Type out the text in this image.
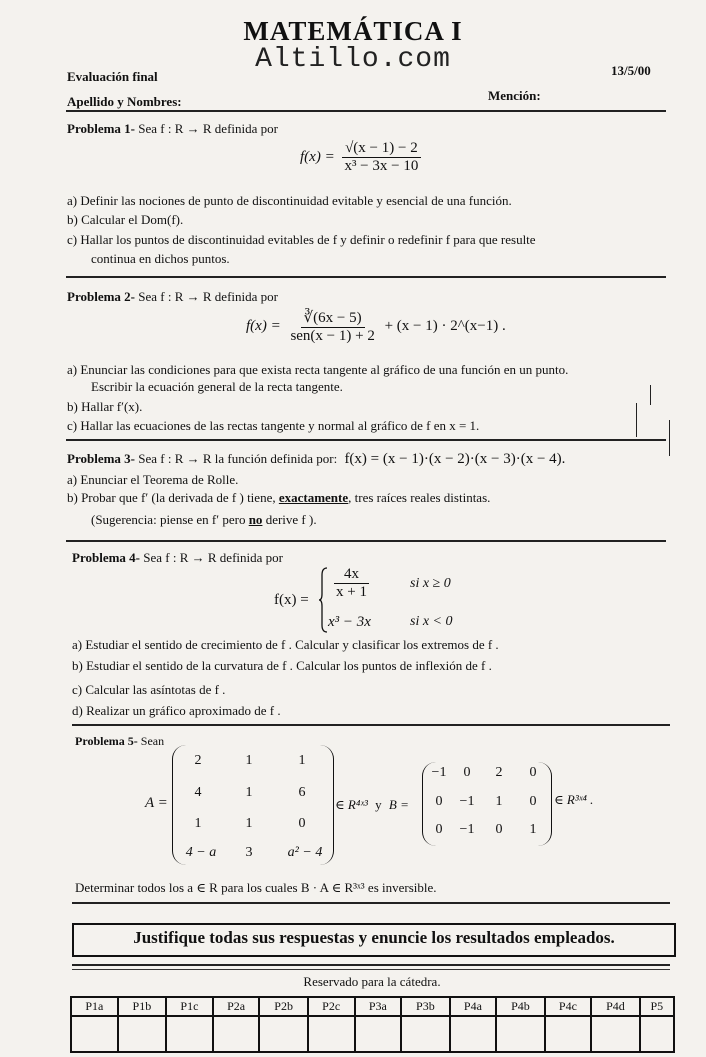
MATEMÁTICA I
Altillo.com
Evaluación final	13/5/00
Apellido y Nombres:	Mención:
Problema 1- Sea f : R → R definida por
$f(x) = \frac{√(x - 1) - 2}{\text{x³ − 3x − 10}}$
a) Definir las nociones de punto de discontinuidad evitable y esencial de una función.
b) Calcular el Dom(f).
c) Hallar los puntos de discontinuidad evitables de f y definir o redefinir f para que resulte
continua en dichos puntos.
Problema 2- Sea f : R → R definida por
$f(x) = \frac{∛(6x - 5)}{\text{sen(x − 1) + 2}} + (x - 1)$ · 2^(x−1) .
a) Enunciar las condiciones para que exista recta tangente al gráfico de una función en un punto.
Escribir la ecuación general de la recta tangente.
b) Hallar f′(x).
c) Hallar las ecuaciones de las rectas tangente y normal al gráfico de f en x = 1.
Problema 3- Sea f : R → R la función definida por: f(x) = (x − 1)·(x − 2)·(x − 3)·(x − 4).
a) Enunciar el Teorema de Rolle.
b) Probar que f′ (la derivada de f ) tiene, exactamente, tres raíces reales distintas.
(Sugerencia: piense en f′ pero no derive f ).
Problema 4- Sea f : R → R definida por
$f(x) = \frac{4x}{x + 1}$	si x ≥ 0
x³ − 3x	si x < 0
a) Estudiar el sentido de crecimiento de f . Calcular y clasificar los extremos de f .
b) Estudiar el sentido de la curvatura de f . Calcular los puntos de inflexión de f .
c) Calcular las asíntotas de f .
d) Realizar un gráfico aproximado de f .
Problema 5- Sean
A =
2	1	1
4	1	6
1	1	0
4 − a	3	a² − 4
∈ R⁴ˣ³ y B =
−1	0	2	0
0	−1	1	0
0	−1	0	1
∈ R³ˣ⁴ .
Determinar todos los a ∈ R para los cuales B · A ∈ R³ˣ³ es inversible.
Justifique todas sus respuestas y enuncie los resultados empleados.
Reservado para la cátedra.
P1a	P1b	P1c	P2a	P2b	P2c	P3a	P3b	P4a	P4b	P4c	P4d	P5
